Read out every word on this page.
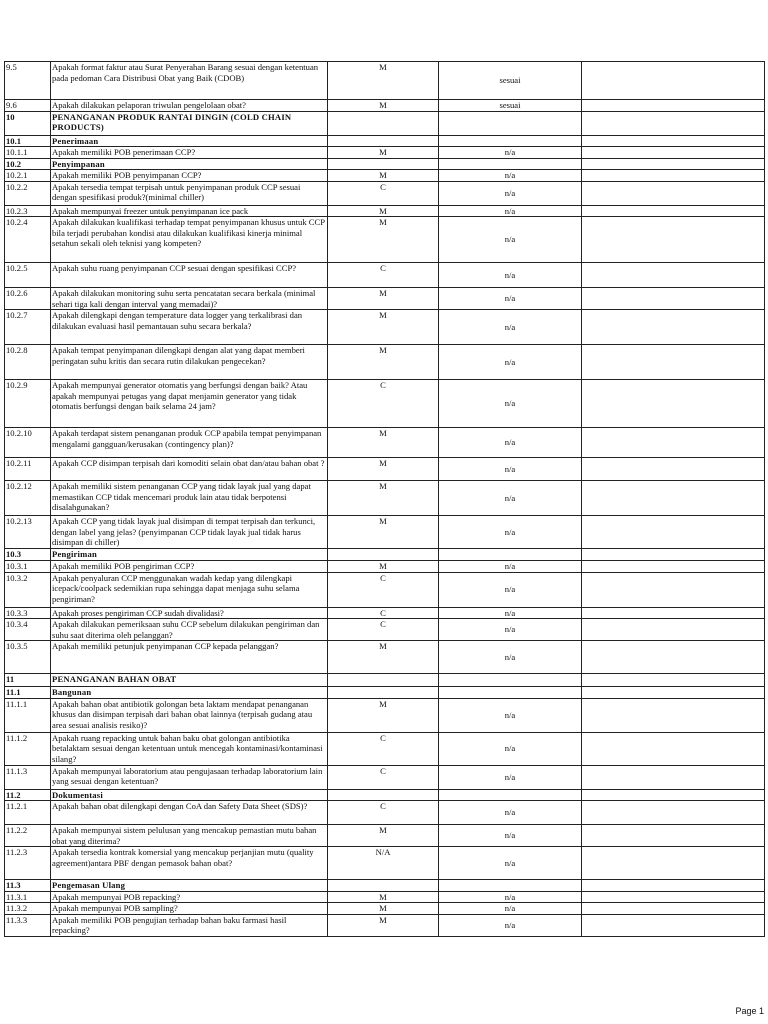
9.5	Apakah format faktur atau Surat Penyerahan Barang sesuai dengan ketentuan pada pedoman Cara Distribusi Obat yang Baik (CDOB)	M	sesuai	
9.6	Apakah dilakukan pelaporan triwulan pengelolaan obat?	M	sesuai	
10	PENANGANAN PRODUK RANTAI DINGIN (COLD CHAIN PRODUCTS)			
10.1	Penerimaan			
10.1.1	Apakah memiliki POB penerimaan CCP?	M	n/a	
10.2	Penyimpanan			
10.2.1	Apakah memiliki POB penyimpanan CCP?	M	n/a	
10.2.2	Apakah tersedia tempat terpisah untuk penyimpanan produk CCP sesuai dengan spesifikasi produk?(minimal chiller)	C	n/a	
10.2.3	Apakah mempunyai freezer untuk penyimpanan ice pack	M	n/a	
10.2.4	Apakah dilakukan kualifikasi terhadap tempat penyimpanan khusus untuk CCP bila terjadi perubahan kondisi atau dilakukan kualifikasi kinerja minimal setahun sekali oleh teknisi yang kompeten?	M	n/a	
10.2.5	Apakah suhu ruang penyimpanan CCP sesuai dengan spesifikasi CCP?	C	n/a	
10.2.6	Apakah dilakukan monitoring suhu serta pencatatan secara berkala (minimal sehari tiga kali dengan interval yang memadai)?	M	n/a	
10.2.7	Apakah dilengkapi dengan temperature data logger yang terkalibrasi dan dilakukan evaluasi hasil pemantauan suhu secara berkala?	M	n/a	
10.2.8	Apakah tempat penyimpanan dilengkapi dengan alat yang dapat memberi peringatan suhu kritis dan secara rutin dilakukan pengecekan?	M	n/a	
10.2.9	Apakah mempunyai generator otomatis yang berfungsi dengan baik? Atau apakah mempunyai petugas yang dapat menjamin generator yang tidak otomatis berfungsi dengan baik selama 24 jam?	C	n/a	
10.2.10	Apakah terdapat sistem penanganan produk CCP apabila tempat penyimpanan mengalami gangguan/kerusakan (contingency plan)?	M	n/a	
10.2.11	Apakah CCP disimpan terpisah dari komoditi selain obat dan/atau bahan obat ?	M	n/a	
10.2.12	Apakah memiliki sistem penanganan CCP yang tidak layak jual yang dapat memastikan CCP tidak mencemari produk lain atau tidak berpotensi disalahgunakan?	M	n/a	
10.2.13	Apakah CCP yang tidak layak jual disimpan di tempat terpisah dan terkunci, dengan label yang jelas? (penyimpanan CCP tidak layak jual tidak harus disimpan di chiller)	M	n/a	
10.3	Pengiriman			
10.3.1	Apakah memiliki POB pengiriman CCP?	M	n/a	
10.3.2	Apakah penyaluran CCP menggunakan wadah kedap yang dilengkapi icepack/coolpack sedemikian rupa sehingga dapat menjaga suhu selama pengiriman?	C	n/a	
10.3.3	Apakah proses pengiriman CCP sudah divalidasi?	C	n/a	
10.3.4	Apakah dilakukan pemeriksaan suhu CCP sebelum dilakukan pengiriman dan suhu saat diterima oleh pelanggan?	C	n/a	
10.3.5	Apakah memiliki petunjuk penyimpanan CCP kepada pelanggan?	M	n/a	
11	PENANGANAN BAHAN OBAT			
11.1	Bangunan			
11.1.1	Apakah bahan obat antibiotik golongan beta laktam mendapat penanganan khusus dan disimpan terpisah dari bahan obat lainnya (terpisah gudang atau area sesuai analisis resiko)?	M	n/a	
11.1.2	Apakah ruang repacking untuk bahan baku obat golongan antibiotika betalaktam sesuai dengan ketentuan untuk mencegah kontaminasi/kontaminasi silang?	C	n/a	
11.1.3	Apakah mempunyai laboratorium atau pengujasaan terhadap laboratorium lain yang sesuai dengan ketentuan?	C	n/a	
11.2	Dokumentasi			
11.2.1	Apakah bahan obat dilengkapi dengan CoA dan Safety Data Sheet (SDS)?	C	n/a	
11.2.2	Apakah mempunyai sistem pelulusan yang mencakup pemastian mutu bahan obat yang diterima?	M	n/a	
11.2.3	Apakah tersedia kontrak komersial yang mencakup perjanjian mutu (quality agreement)antara PBF dengan pemasok bahan obat?	N/A	n/a	
11.3	Pengemasan Ulang			
11.3.1	Apakah mempunyai POB repacking?	M	n/a	
11.3.2	Apakah mempunyai POB sampling?	M	n/a	
11.3.3	Apakah memiliki POB pengujian terhadap bahan baku farmasi hasil repacking?	M	n/a	
Page 1
